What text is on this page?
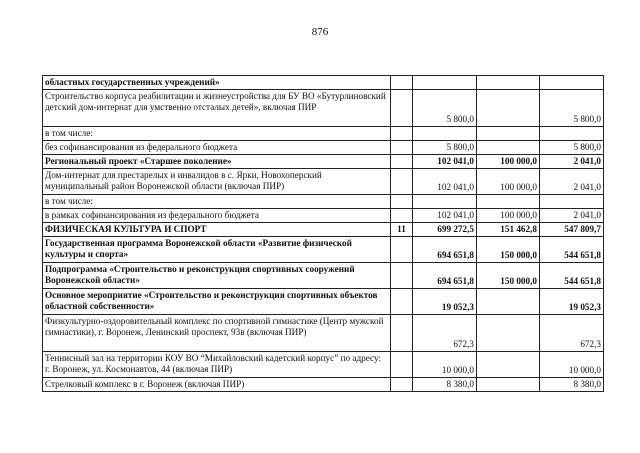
876
областных государственных учреждений»				
Строительство корпуса реабилитации и жизнеустройства для БУ ВО «Бутурлиновский детский дом-интернат для умственно отсталых детей», включая ПИР		5 800,0		5 800,0
в том числе:				
без софинансирования из федерального бюджета		5 800,0		5 800,0
Региональный проект «Старшее поколение»		102 041,0	100 000,0	2 041,0
Дом-интернат для престарелых и инвалидов в с. Ярки, Новохоперский муниципальный район Воронежской области (включая ПИР)		102 041,0	100 000,0	2 041,0
в том числе:				
в рамках софинансирования из федерального бюджета		102 041,0	100 000,0	2 041,0
ФИЗИЧЕСКАЯ КУЛЬТУРА И СПОРТ	11	699 272,5	151 462,8	547 809,7
Государственная программа Воронежской области «Развитие физической культуры и спорта»		694 651,8	150 000,0	544 651,8
Подпрограмма «Строительство и реконструкция спортивных сооружений Воронежской области»		694 651,8	150 000,0	544 651,8
Основное мероприятие «Строительство и реконструкция спортивных объектов областной собственности»		19 052,3		19 052,3
Физкультурно-оздоровительный комплекс по спортивной гимнастике (Центр мужской гимнастики), г. Воронеж, Ленинский проспект, 93в (включая ПИР)		672,3		672,3
Теннисный зал на территории КОУ ВО “Михайловский кадетский корпус” по адресу: г. Воронеж, ул. Космонавтов, 44 (включая ПИР)		10 000,0		10 000,0
Стрелковый комплекс в г. Воронеж (включая ПИР)		8 380,0		8 380,0
